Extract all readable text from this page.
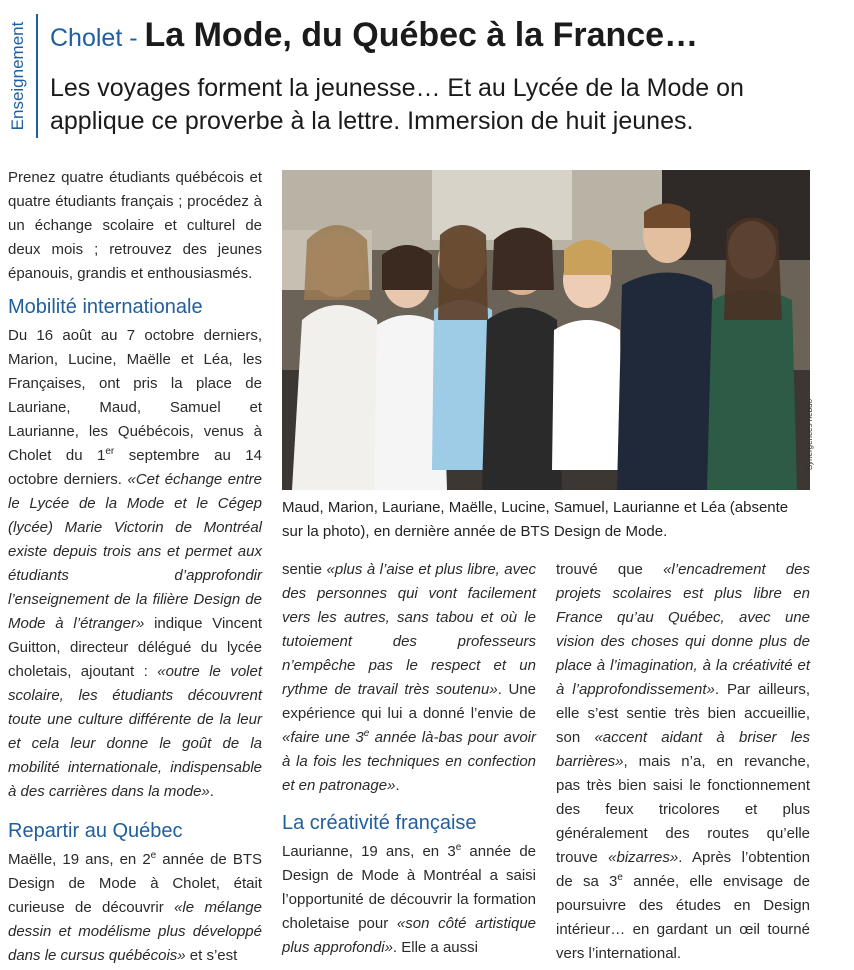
Enseignement Cholet - La Mode, du Québec à la France…
Les voyages forment la jeunesse… Et au Lycée de la Mode on applique ce proverbe à la lettre. Immersion de huit jeunes.

Prenez quatre étudiants québécois et quatre étudiants français ; procédez à un échange scolaire et culturel de deux mois ; retrouvez des jeunes épanouis, grandis et enthousiasmés.

Mobilité internationale

Du 16 août au 7 octobre derniers, Marion, Lucine, Maëlle et Léa, les Françaises, ont pris la place de Lauriane, Maud, Samuel et Laurianne, les Québécois, venus à Cholet du 1er septembre au 14 octobre derniers. «Cet échange entre le Lycée de la Mode et le Cégep (lycée) Marie Victorin de Montréal existe depuis trois ans et permet aux étudiants d’approfondir l’enseignement de la filière Design de Mode à l’étranger» indique Vincent Guitton, directeur délégué du lycée choletais, ajoutant : «outre le volet scolaire, les étudiants découvrent toute une culture différente de la leur et cela leur donne le goût de la mobilité internationale, indispensable à des carrières dans la mode».

Repartir au Québec

Maëlle, 19 ans, en 2e année de BTS Design de Mode à Cholet, était curieuse de découvrir «le mélange dessin et modélisme plus développé dans le cursus québécois» et s’est

Synergences hebdo
Maud, Marion, Lauriane, Maëlle, Lucine, Samuel, Laurianne et Léa (absente sur la photo), en dernière année de BTS Design de Mode.

sentie «plus à l’aise et plus libre, avec des personnes qui vont facilement vers les autres, sans tabou et où le tutoiement des professeurs n’empêche pas le respect et un rythme de travail très soutenu». Une expérience qui lui a donné l’envie de «faire une 3e année là-bas pour avoir à la fois les techniques en confection et en patronage».

La créativité française

Laurianne, 19 ans, en 3e année de Design de Mode à Montréal a saisi l’opportunité de découvrir la formation choletaise pour «son côté artistique plus approfondi». Elle a aussi

trouvé que «l’encadrement des projets scolaires est plus libre en France qu’au Québec, avec une vision des choses qui donne plus de place à l’imagination, à la créativité et à l’approfondissement». Par ailleurs, elle s’est sentie très bien accueillie, son «accent aidant à briser les barrières», mais n’a, en revanche, pas très bien saisi le fonctionnement des feux tricolores et plus généralement des routes qu’elle trouve «bizarres». Après l’obtention de sa 3e année, elle envisage de poursuivre des études en Design intérieur… en gardant un œil tourné vers l’international.
